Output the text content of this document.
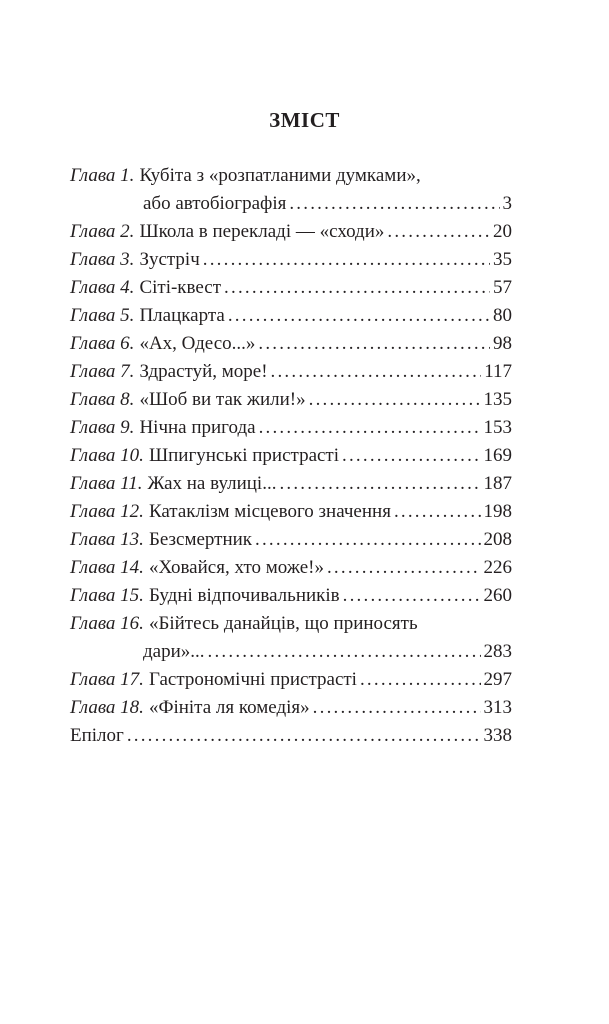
ЗМІСТ
Глава 1. Кубіта з «розпатланими думками»,
або автобіографія .....	3
Глава 2. Школа в перекладі — «сходи» .....	20
Глава 3. Зустріч .....	35
Глава 4. Сіті-квест .....	57
Глава 5. Плацкарта .....	80
Глава 6. «Ах, Одесо...» .....	98
Глава 7. Здрастуй, море! .....	117
Глава 8. «Шоб ви так жили!» .....	135
Глава 9. Нічна пригода .....	153
Глава 10. Шпигунські пристрасті .....	169
Глава 11. Жах на вулиці... .....	187
Глава 12. Катаклізм місцевого значення .....	198
Глава 13. Безсмертник .....	208
Глава 14. «Ховайся, хто може!» .....	226
Глава 15. Будні відпочивальників .....	260
Глава 16. «Бійтесь данайців, що приносять
дари»... .....	283
Глава 17. Гастрономічні пристрасті .....	297
Глава 18. «Фініта ля комедія» .....	313
Епілог .....	338
